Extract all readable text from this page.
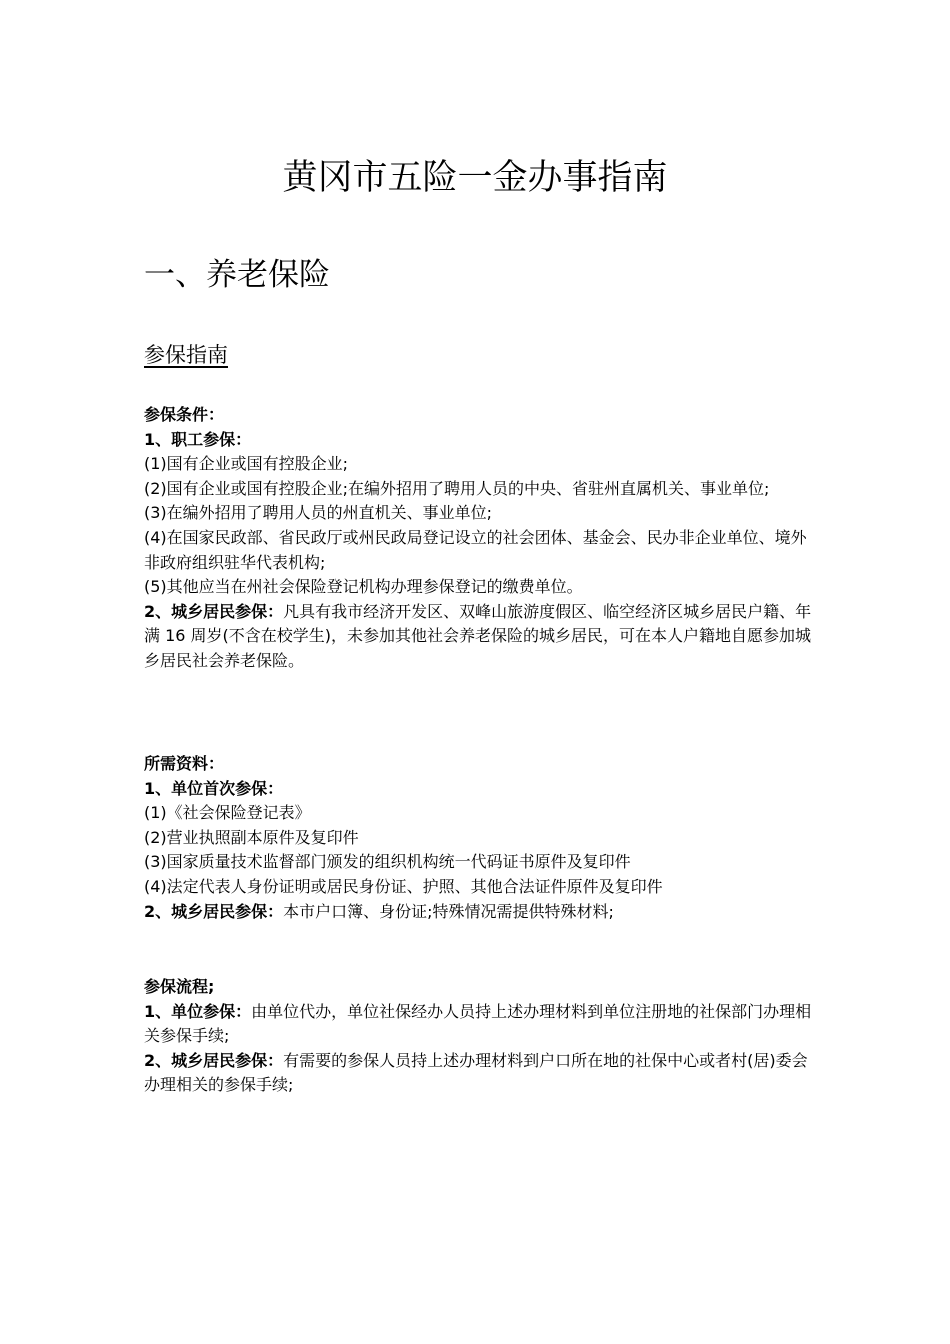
黄冈市五险一金办事指南
一、养老保险
参保指南

参保条件：

1、职工参保：

(1)国有企业或国有控股企业;

(2)国有企业或国有控股企业;在编外招用了聘用人员的中央、省驻州直属机关、事业单位;

(3)在编外招用了聘用人员的州直机关、事业单位;

(4)在国家民政部、省民政厅或州民政局登记设立的社会团体、基金会、民办非企业单位、境外非政府组织驻华代表机构;

(5)其他应当在州社会保险登记机构办理参保登记的缴费单位。

2、城乡居民参保：凡具有我市经济开发区、双峰山旅游度假区、临空经济区城乡居民户籍、年满 16 周岁(不含在校学生)，未参加其他社会养老保险的城乡居民，可在本人户籍地自愿参加城乡居民社会养老保险。

所需资料：

1、单位首次参保：

(1)《社会保险登记表》

(2)营业执照副本原件及复印件

(3)国家质量技术监督部门颁发的组织机构统一代码证书原件及复印件

(4)法定代表人身份证明或居民身份证、护照、其他合法证件原件及复印件

2、城乡居民参保：本市户口簿、身份证;特殊情况需提供特殊材料;

参保流程;

1、单位参保：由单位代办，单位社保经办人员持上述办理材料到单位注册地的社保部门办理相关参保手续;

2、城乡居民参保：有需要的参保人员持上述办理材料到户口所在地的社保中心或者村(居)委会办理相关的参保手续;
